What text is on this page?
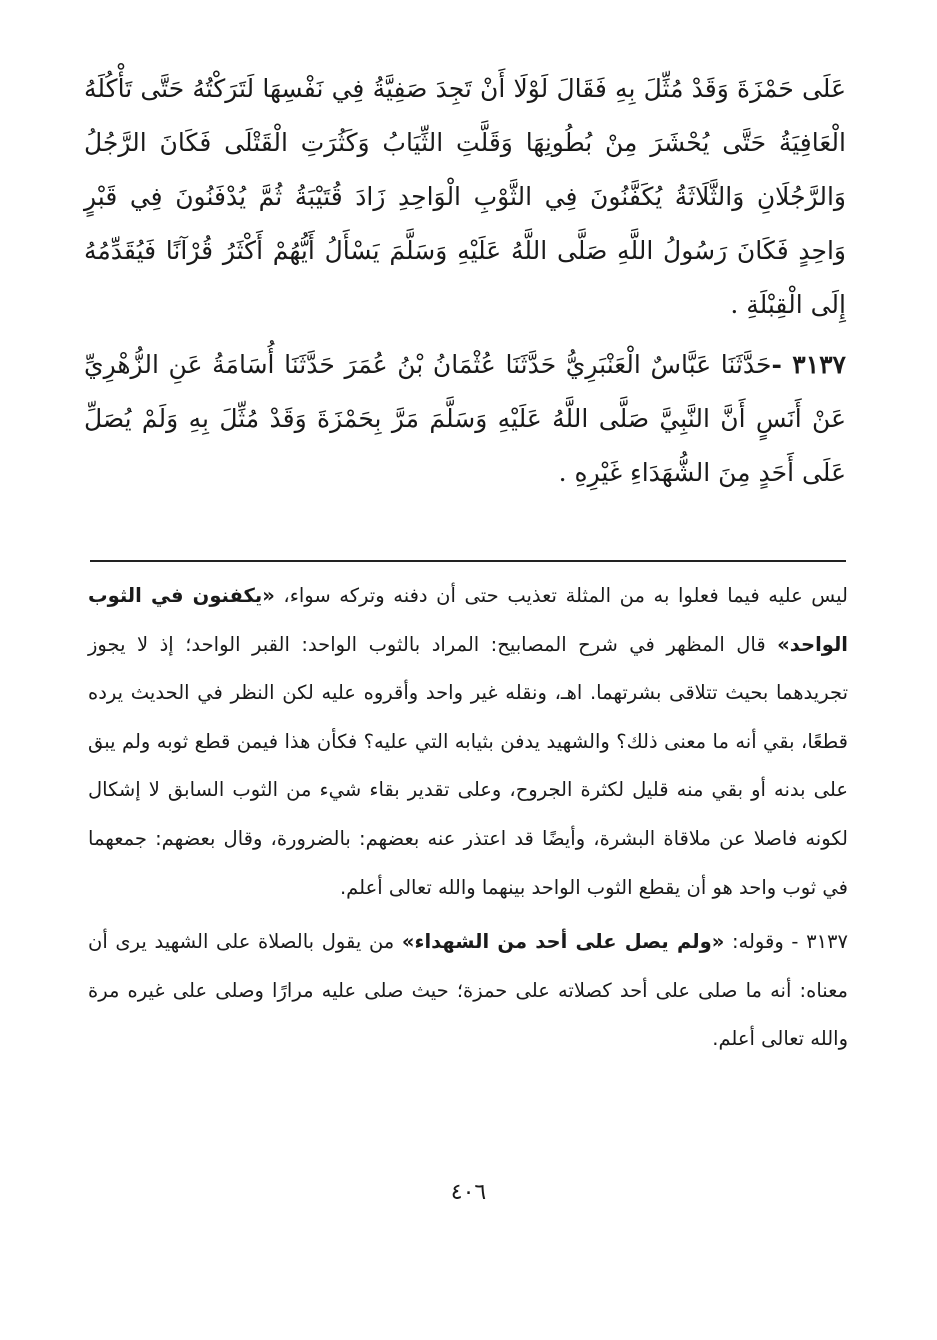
عَلَى حَمْزَةَ وَقَدْ مُثِّلَ بِهِ فَقَالَ لَوْلَا أَنْ تَجِدَ صَفِيَّةُ فِي نَفْسِهَا لَتَرَكْتُهُ حَتَّى تَأْكُلَهُ الْعَافِيَةُ حَتَّى يُحْشَرَ مِنْ بُطُونِهَا وَقَلَّتِ الثِّيَابُ وَكَثُرَتِ الْقَتْلَى فَكَانَ الرَّجُلُ وَالرَّجُلَانِ وَالثَّلَاثَةُ يُكَفَّنُونَ فِي الثَّوْبِ الْوَاحِدِ زَادَ قُتَيْبَةُ ثُمَّ يُدْفَنُونَ فِي قَبْرٍ وَاحِدٍ فَكَانَ رَسُولُ اللَّهِ صَلَّى اللَّهُ عَلَيْهِ وَسَلَّمَ يَسْأَلُ أَيُّهُمْ أَكْثَرُ قُرْآنًا فَيُقَدِّمُهُ إِلَى الْقِبْلَةِ .

٣١٣٧ -حَدَّثَنَا عَبَّاسٌ الْعَنْبَرِيُّ حَدَّثَنَا عُثْمَانُ بْنُ عُمَرَ حَدَّثَنَا أُسَامَةُ عَنِ الزُّهْرِيِّ عَنْ أَنَسٍ أَنَّ النَّبِيَّ صَلَّى اللَّهُ عَلَيْهِ وَسَلَّمَ مَرَّ بِحَمْزَةَ وَقَدْ مُثِّلَ بِهِ وَلَمْ يُصَلِّ عَلَى أَحَدٍ مِنَ الشُّهَدَاءِ غَيْرِهِ .

ليس عليه فيما فعلوا به من المثلة تعذيب حتى أن دفنه وتركه سواء، «يكفنون في الثوب الواحد» قال المظهر في شرح المصابيح: المراد بالثوب الواحد: القبر الواحد؛ إذ لا يجوز تجريدهما بحيث تتلاقى بشرتهما. اهـ، ونقله غير واحد وأقروه عليه لكن النظر في الحديث يرده قطعًا، بقي أنه ما معنى ذلك؟ والشهيد يدفن بثيابه التي عليه؟ فكأن هذا فيمن قطع ثوبه ولم يبق على بدنه أو بقي منه قليل لكثرة الجروح، وعلى تقدير بقاء شيء من الثوب السابق لا إشكال لكونه فاصلا عن ملاقاة البشرة، وأيضًا قد اعتذر عنه بعضهم: بالضرورة، وقال بعضهم: جمعهما في ثوب واحد هو أن يقطع الثوب الواحد بينهما والله تعالى أعلم.

٣١٣٧ - وقوله: «ولم يصل على أحد من الشهداء» من يقول بالصلاة على الشهيد يرى أن معناه: أنه ما صلى على أحد كصلاته على حمزة؛ حيث صلى عليه مرارًا وصلى على غيره مرة والله تعالى أعلم.

٤٠٦
